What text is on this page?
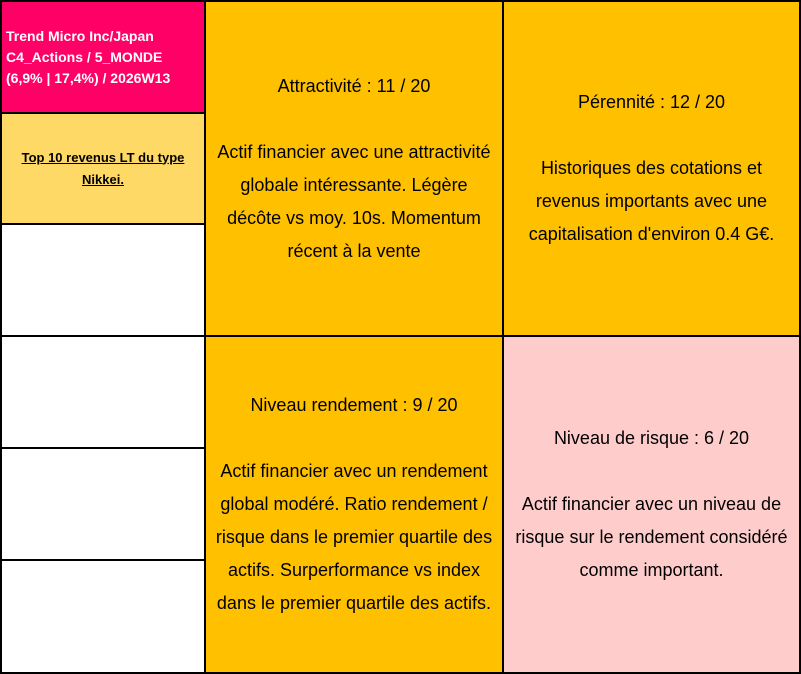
Trend Micro Inc/Japan
C4_Actions / 5_MONDE
(6,9% | 17,4%) / 2026W13
Top 10 revenus LT du type Nikkei.
Attractivité : 11 / 20
Actif financier avec une attractivité globale intéressante. Légère décôte vs moy. 10s. Momentum récent à la vente
Pérennité : 12 / 20
Historiques des cotations et revenus importants avec une capitalisation d'environ 0.4 G€.
Niveau rendement : 9 / 20
Actif financier avec un rendement global modéré. Ratio rendement / risque dans le premier quartile des actifs. Surperformance vs index dans le premier quartile des actifs.
Niveau de risque : 6 / 20
Actif financier avec un niveau de risque sur le rendement considéré comme important.
